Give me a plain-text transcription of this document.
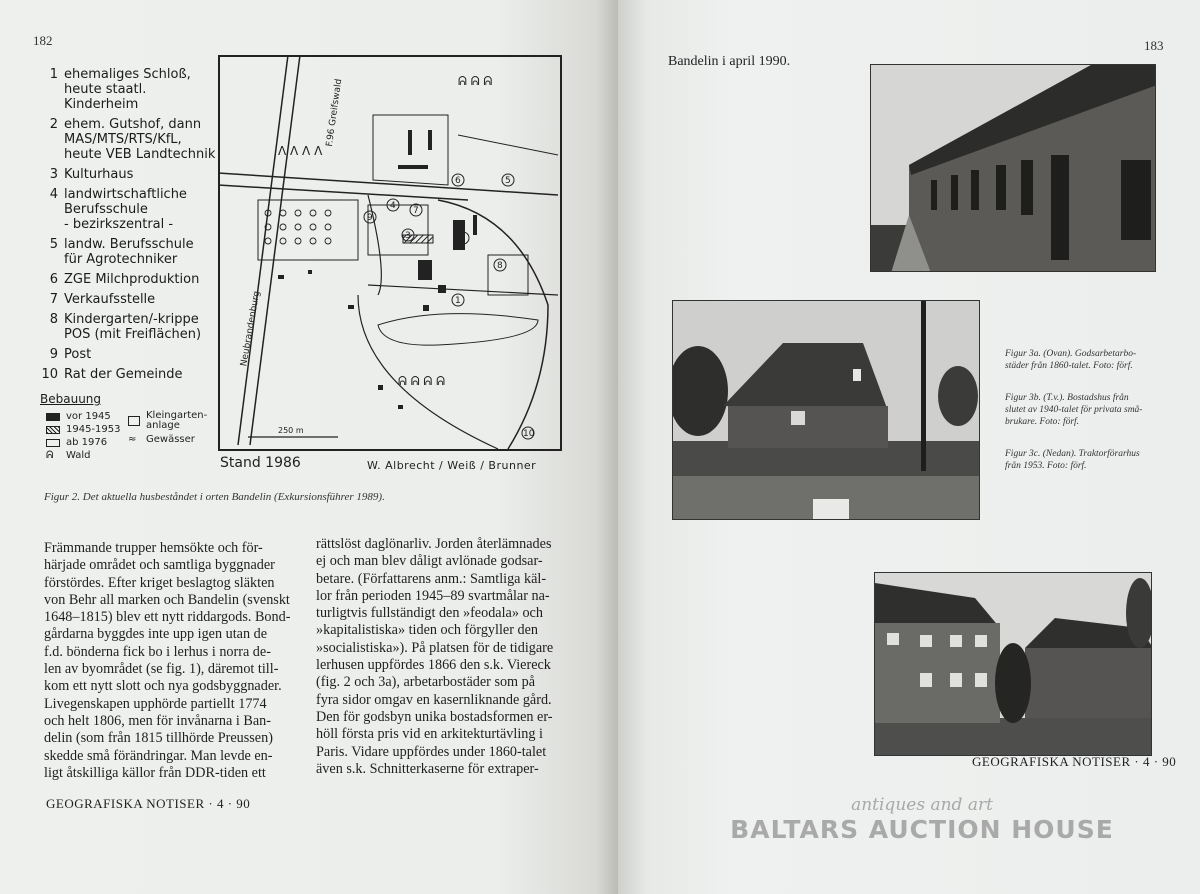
182
1 ehemaliges Schloß,
heute staatl. Kinderheim
2 ehem. Gutshof, dann
MAS/MTS/RTS/KfL,
heute VEB Landtechnik
3 Kulturhaus
4 landwirtschaftliche
Berufsschule
- bezirkszentral -
5 landw. Berufsschule
für Agrotechniker
6 ZGE Milchproduktion
7 Verkaufsstelle
8 Kindergarten/-krippe
POS (mit Freiflächen)
9 Post
10 Rat der Gemeinde
Bebauung
vor 1945
1945-1953
ab 1976
ᕱ	Wald
Kleingarten-
anlage
≈ Gewässer
ᕱ ᕱ ᕱ
ᐱ ᐱ ᐱ ᐱ
ᕱ ᕱ ᕱ ᕱ
1
2
3
4
5
6
7
8
9
10
F.96 Greifswald
Neubrandenburg
250 m
Stand 1986	W. Albrecht / Weiß / Brunner
Figur 2. Det aktuella husbeståndet i orten Bandelin (Exkursionsführer 1989).

Främmande trupper hemsökte och för-
härjade området och samtliga byggnader
förstördes. Efter kriget beslagtog släkten
von Behr all marken och Bandelin (svenskt
1648–1815) blev ett nytt riddargods. Bond-
gårdarna byggdes inte upp igen utan de
f.d. bönderna fick bo i lerhus i norra de-
len av byområdet (se fig. 1), däremot till-
kom ett nytt slott och nya godsbyggnader.
Livegenskapen upphörde partiellt 1774
och helt 1806, men för invånarna i Ban-
delin (som från 1815 tillhörde Preussen)
skedde små förändringar. Man levde en-
ligt åtskilliga källor från DDR-tiden ett

rättslöst daglönarliv. Jorden återlämnades
ej och man blev dåligt avlönade godsar-
betare. (Författarens anm.: Samtliga käl-
lor från perioden 1945–89 svartmålar na-
turligtvis fullständigt den »feodala» och
»kapitalistiska» tiden och förgyller den
»socialistiska»). På platsen för de tidigare
lerhusen uppfördes 1866 den s.k. Viereck
(fig. 2 och 3a), arbetarbostäder som på
fyra sidor omgav en kasernliknande gård.
Den för godsbyn unika bostadsformen er-
höll första pris vid en arkitekturtävling i
Paris. Vidare uppfördes under 1860-talet
även s.k. Schnitterkaserne för extraper-

GEOGRAFISKA NOTISER · 4 · 90
183
Bandelin i april 1990.
GEOGRAFISKA NOTISER · 4 · 90
Figur 3a. (Ovan). Godsarbetarbo-
städer från 1860-talet. Foto: förf.
Figur 3b. (T.v.). Bostadshus från
slutet av 1940-talet för privata små-
brukare. Foto: förf.
Figur 3c. (Nedan). Traktorförarhus
från 1953. Foto: förf.
antiques and art
BALTARS AUCTION HOUSE
